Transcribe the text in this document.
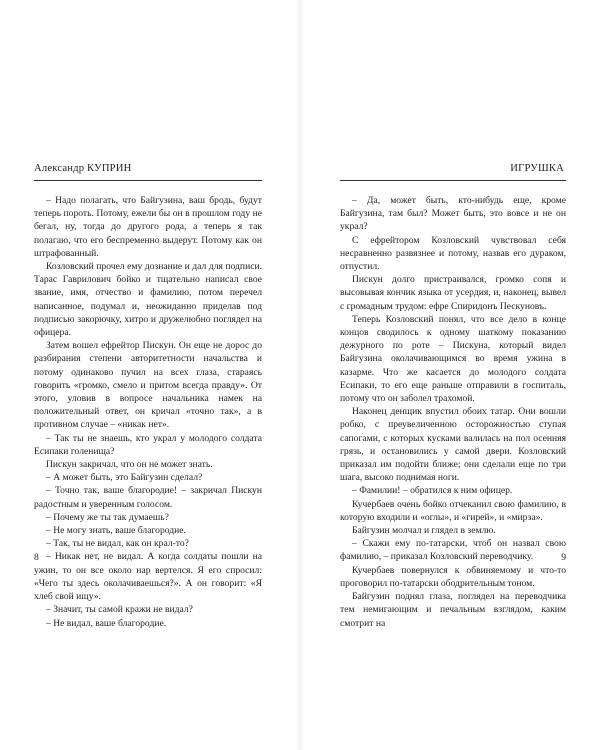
Александр КУПРИН

– Надо полагать, что Байгузина, ваш бродь, будут теперь пороть. Потому, ежели бы он в прошлом году не бегал, ну, тогда до другого рода, а теперь я так полагаю, что его беспременно выдерут. Потому как он штрафованный.

Козловский прочел ему дознание и дал для подписи. Тарас Гаврилович бойко и тщательно написал свое звание, имя, отчество и фамилию, потом перечел написанное, подумал и, неожиданно приделав под подписью закорючку, хитро и дружелюбно поглядел на офицера.

Затем вошел ефрейтор Пискун. Он еще не дорос до разбирания степени авторитетности начальства и потому одинаково пучил на всех глаза, стараясь говорить «громко, смело и притом всегда правду». От этого, уловив в вопросе начальника намек на положительный ответ, он кричал «точно так», а в противном случае – «никак нет».

– Так ты не знаешь, кто украл у молодого солдата Есипаки голенища?

Пискун закричал, что он не может знать.

– А может быть, это Байгузин сделал?

– Точно так, ваше благородие! – закричал Пискун радостным и уверенным голосом.

– Почему же ты так думаешь?

– Не могу знать, ваше благородие.

– Так, ты не видал, как он крал-то?

– Никак нет, не видал. А когда солдаты пошли на ужин, то он все около нар вертелся. Я его спросил: «Чего ты здесь околачиваешься?». А он говорит: «Я хлеб свой ищу».

– Значит, ты самой кражи не видал?

– Не видал, ваше благородие.

8
ИГРУШКА

– Да, может быть, кто-нибудь еще, кроме Байгузина, там был? Может быть, это вовсе и не он украл?

С ефрейтором Козловский чувствовал себя несравненно развязнее и потому, назвав его дураком, отпустил.

Пискун долго пристраивался, громко сопя и высовывая кончик языка от усердия, и, наконец, вывел с громадным трудом: ефре Спиридонъ Пескуновъ.

Теперь Козловский понял, что все дело в конце концов сводилось к одному шаткому показанию дежурного по роте – Пискуна, который видел Байгузина околачивающимся во время ужина в казарме. Что же касается до молодого солдата Есипаки, то его еще раньше отправили в госпиталь, потому что он заболел трахомой.

Наконец денщик впустил обоих татар. Они вошли робко, с преувеличенною осторожностью ступая сапогами, с которых кусками валилась на пол осенняя грязь, и остановились у самой двери. Козловский приказал им подойти ближе; они сделали еще по три шага, высоко поднимая ноги.

– Фамилии! – обратился к ним офицер.

Кучербаев очень бойко отчеканил свою фамилию, в которую входили и «оглы», и «гирей», и «мирза».

Байгузин молчал и глядел в землю.

– Скажи ему по-татарски, чтоб он назвал свою фамилию, – приказал Козловский переводчику.

Кучербаев повернулся к обвиняемому и что-то проговорил по-татарски ободрительным тоном.

Байгузин поднял глаза, поглядел на переводчика тем немигающим и печальным взглядом, каким смотрит на

9
